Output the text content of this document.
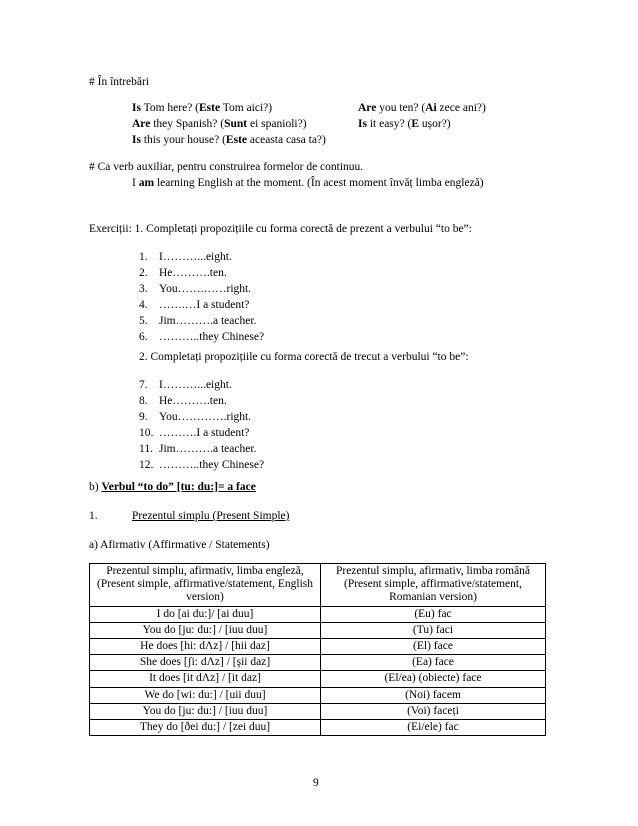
# În întrebări
Is Tom here? (Este Tom aici?)	Are you ten? (Ai zece ani?)
Are they Spanish? (Sunt ei spanioli?)	Is it easy? (E ușor?)
Is this your house? (Este aceasta casa ta?)
# Ca verb auxiliar, pentru construirea formelor de continuu.
I am learning English at the moment. (În acest moment învăț limba engleză)
Exerciții: 1. Completați propozițiile cu forma corectă de prezent a verbului “to be”:
1. I………...eight.
2. He……….ten.
3. You…….……right.
4. …….…I a student?
5. Jim……….a teacher.
6. ………..they Chinese?
2. Completați propozițiile cu forma corectă de trecut a verbului “to be”:
7. I………...eight.
8. He……….ten.
9. You………….right.
10. ……….I a student?
11. Jim……….a teacher.
12. ………..they Chinese?
b) Verbul “to do” [tu: du:]= a face
1.	Prezentul simplu (Present Simple)
a) Afirmativ (Affirmative / Statements)
Prezentul simplu, afirmativ, limba engleză, (Present simple, affirmative/statement, English version)	Prezentul simplu, afirmativ, limba română (Present simple, affirmative/statement, Romanian version)
I do [ai du:]/ [ai duu]	(Eu) fac
You do [ju: du:] / [iuu duu]	(Tu) faci
He does [hi: dΛz] / [hii daz]	(El) face
She does [ʃi: dΛz] / [şii daz]	(Ea) face
It does [it dΛz] / [it daz]	(El/ea) (obiecte) face
We do [wi: du:] / [uii duu]	(Noi) facem
You do [ju: du:] / [iuu duu]	(Voi) faceți
They do [ðei du:] / [zei duu]	(Ei/ele) fac
9
